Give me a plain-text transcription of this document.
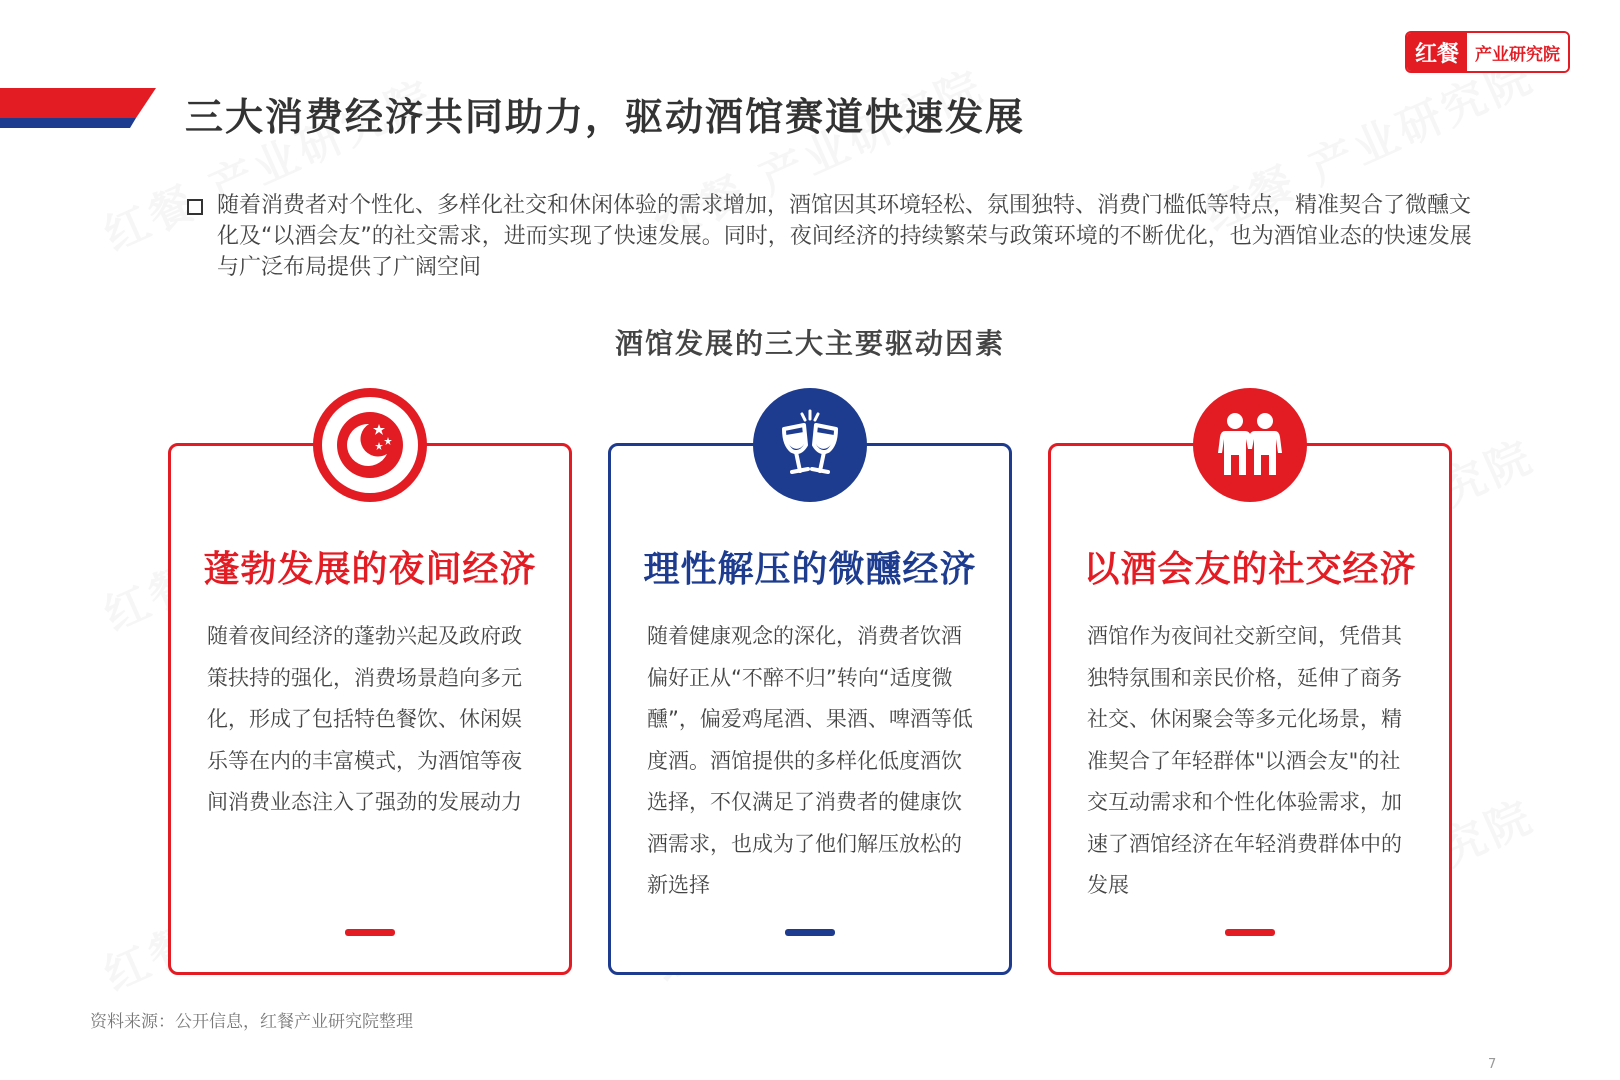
红餐 产业研究院
三大消费经济共同助力，驱动酒馆赛道快速发展
随着消费者对个性化、多样化社交和休闲体验的需求增加，酒馆因其环境轻松、氛围独特、消费门槛低等特点，精准契合了微醺文化及“以酒会友”的社交需求，进而实现了快速发展。同时，夜间经济的持续繁荣与政策环境的不断优化，也为酒馆业态的快速发展与广泛布局提供了广阔空间
酒馆发展的三大主要驱动因素
蓬勃发展的夜间经济
随着夜间经济的蓬勃兴起及政府政策扶持的强化，消费场景趋向多元化，形成了包括特色餐饮、休闲娱乐等在内的丰富模式，为酒馆等夜间消费业态注入了强劲的发展动力
理性解压的微醺经济
随着健康观念的深化，消费者饮酒偏好正从“不醉不归”转向“适度微醺”，偏爱鸡尾酒、果酒、啤酒等低度酒。酒馆提供的多样化低度酒饮选择，不仅满足了消费者的健康饮酒需求，也成为了他们解压放松的新选择
以酒会友的社交经济
酒馆作为夜间社交新空间，凭借其独特氛围和亲民价格，延伸了商务社交、休闲聚会等多元化场景，精准契合了年轻群体"以酒会友"的社交互动需求和个性化体验需求，加速了酒馆经济在年轻消费群体中的发展
资料来源：公开信息，红餐产业研究院整理
7
